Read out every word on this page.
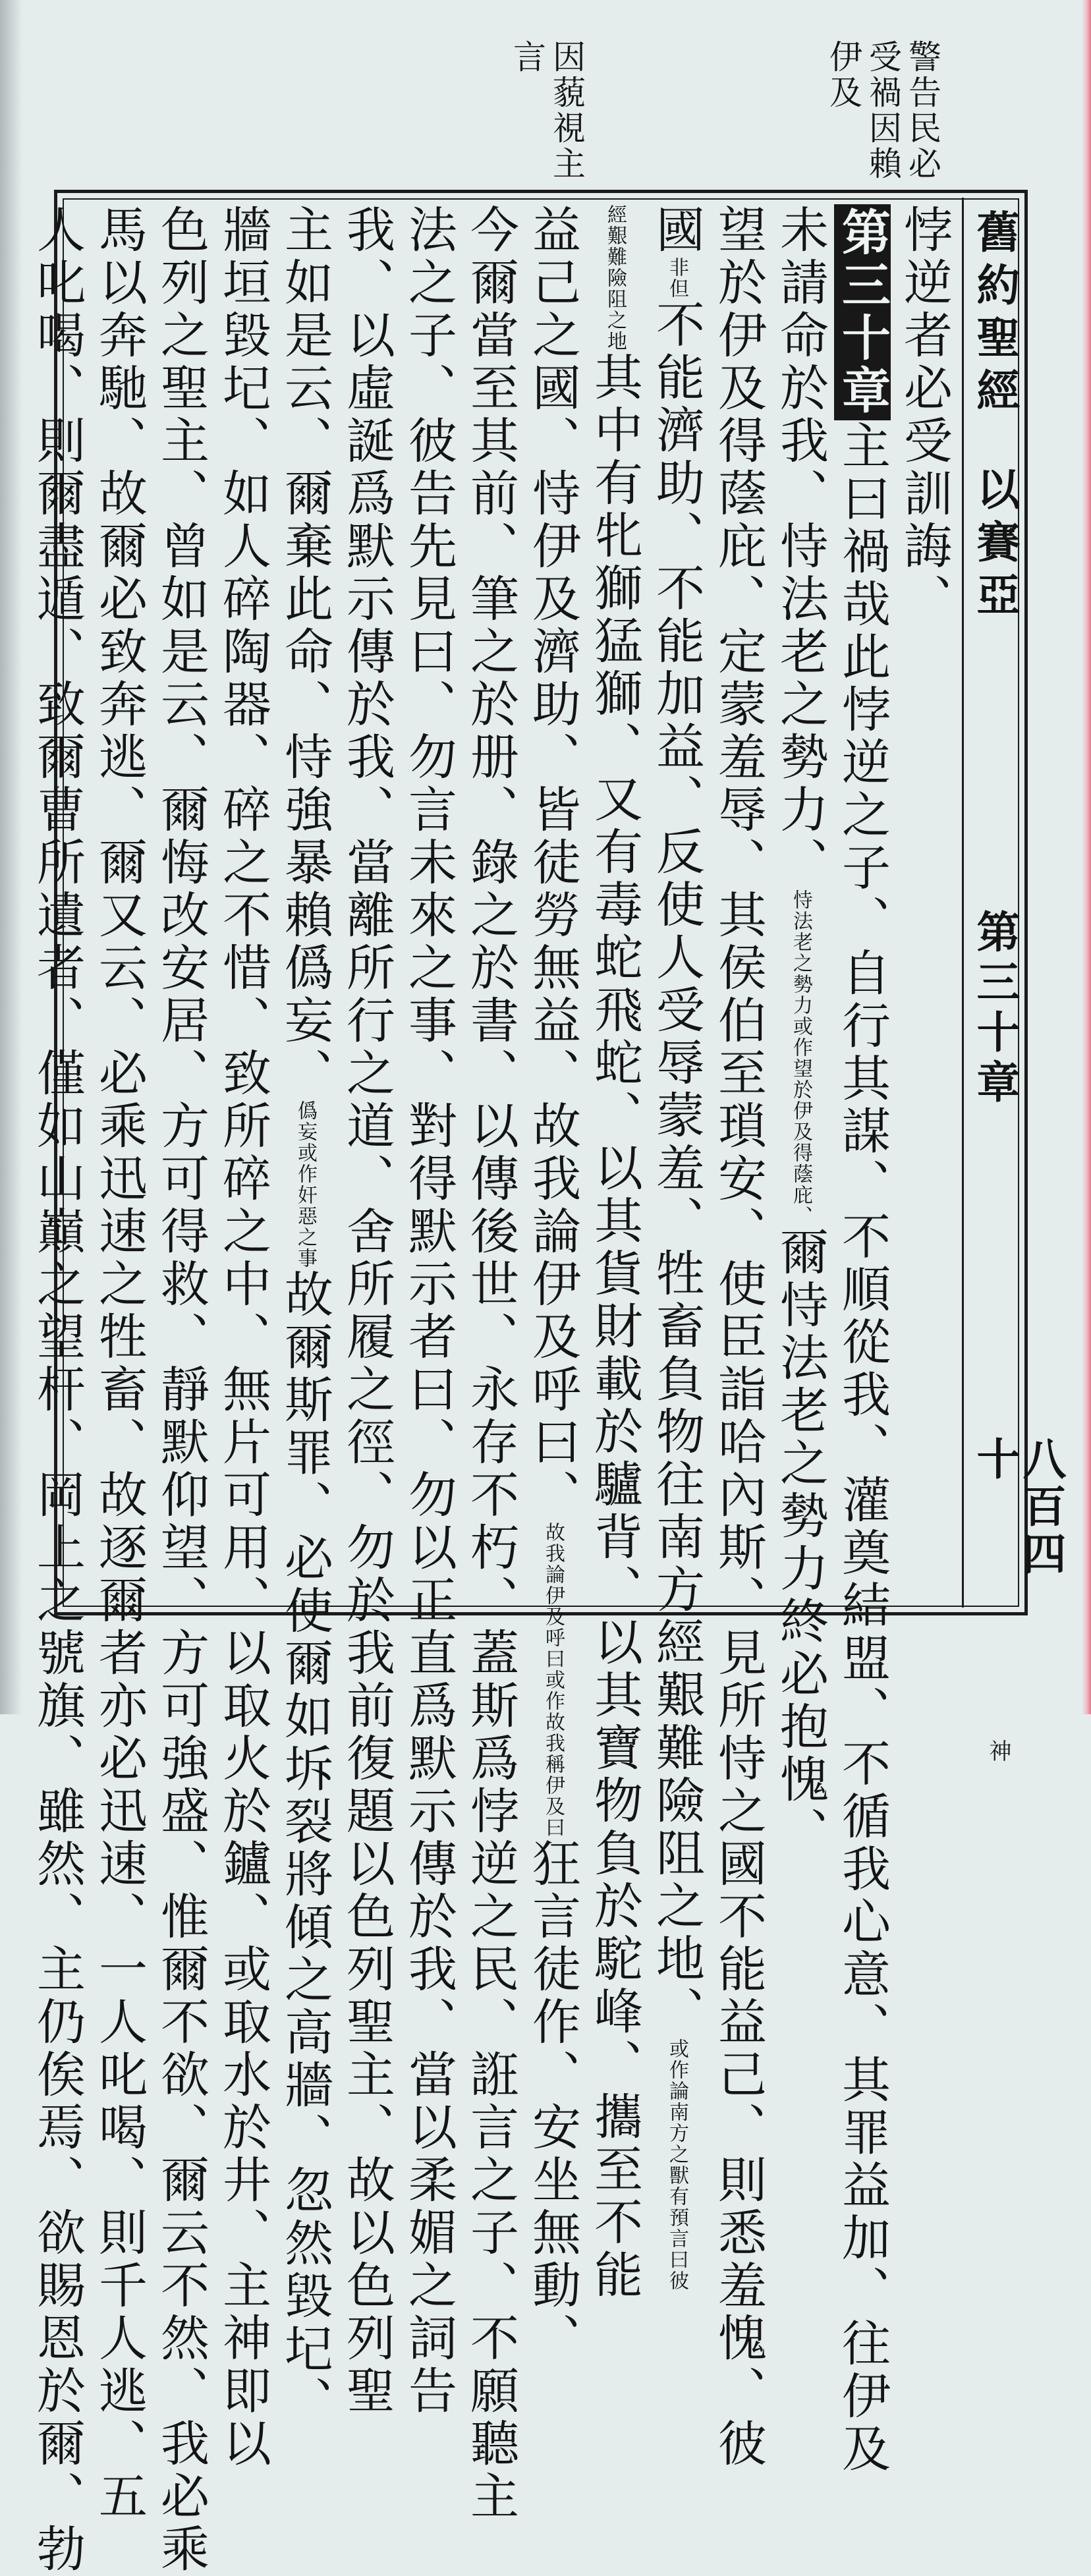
警告民必受禍因賴伊及
因藐視主言
舊約聖經以賽亞
第三十章
八百四十
神
悖逆者必受訓誨、
第三十章主曰禍哉此悖逆之子、自行其謀、不順從我、灌奠結盟、不循我心意、其罪益加、往伊及
未請命於我、恃法老之勢力、恃法老之勢力或作望於伊及得蔭庇、爾恃法老之勢力終必抱愧、
望於伊及得蔭庇、定蒙羞辱、其侯伯至瑣安、使臣詣哈內斯、見所恃之國不能益己、則悉羞愧、彼
國非但不能濟助、不能加益、反使人受辱蒙羞、牲畜負物往南方經艱難險阻之地、或作論南方之獸有預言曰彼
經艱難險阻之地其中有牝獅猛獅、又有毒蛇飛蛇、以其貨財載於驢背、以其寶物負於駝峰、攜至不能
益己之國、恃伊及濟助、皆徒勞無益、故我論伊及呼曰、故我論伊及呼曰或作故我稱伊及曰狂言徒作、安坐無動、
今爾當至其前、筆之於册、錄之於書、以傳後世、永存不朽、蓋斯爲悖逆之民、誑言之子、不願聽主
法之子、彼告先見曰、勿言未來之事、對得默示者曰、勿以正直爲默示傳於我、當以柔媚之詞告
我、以虛誕爲默示傳於我、當離所行之道、舍所履之徑、勿於我前復題以色列聖主、故以色列聖
主如是云、爾棄此命、恃強暴賴僞妄、僞妄或作奸惡之事故爾斯罪、必使爾如坼裂將傾之高牆、忽然毀圮、
牆垣毀圮、如人碎陶器、碎之不惜、致所碎之中、無片可用、以取火於鑪、或取水於井、主神即以
色列之聖主、曾如是云、爾悔改安居、方可得救、靜默仰望、方可強盛、惟爾不欲、爾云不然、我必乘
馬以奔馳、故爾必致奔逃、爾又云、必乘迅速之牲畜、故逐爾者亦必迅速、一人叱喝、則千人逃、五
人叱喝、則爾盡遁、致爾曹所遺者、僅如山巔之望杆、岡上之號旗、雖然、主仍俟焉、欲賜恩於爾、勃
